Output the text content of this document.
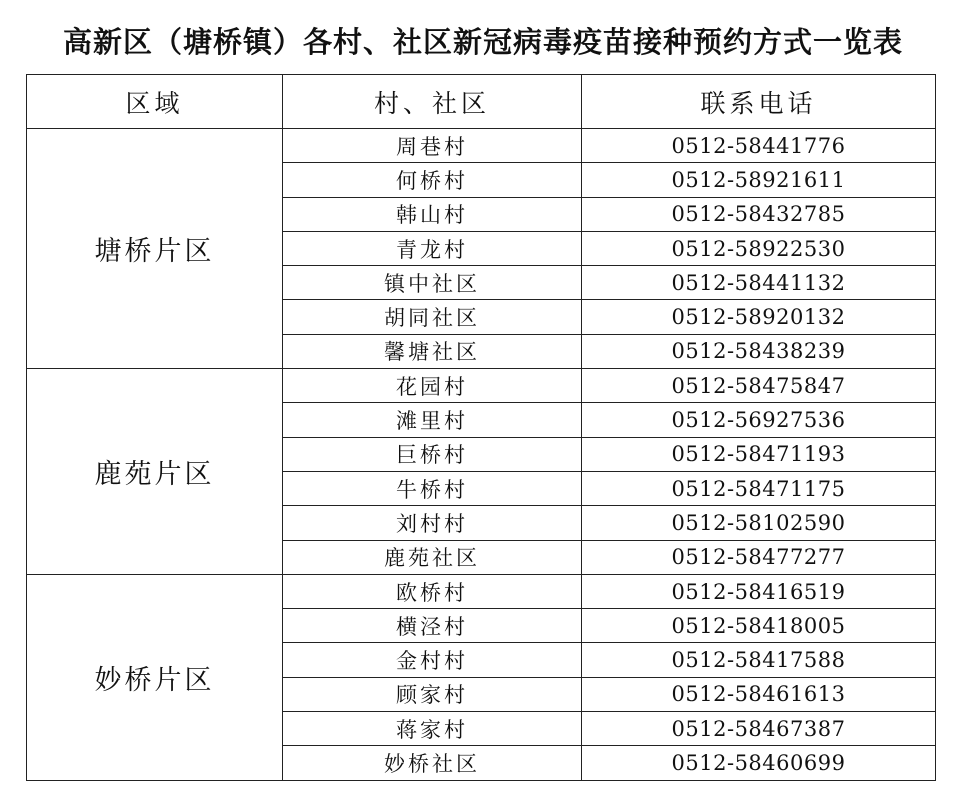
高新区（塘桥镇）各村、社区新冠病毒疫苗接种预约方式一览表
区域	村、社区	联系电话
塘桥片区	周巷村	0512-58441776
	何桥村	0512-58921611
	韩山村	0512-58432785
	青龙村	0512-58922530
	镇中社区	0512-58441132
	胡同社区	0512-58920132
	馨塘社区	0512-58438239
鹿苑片区	花园村	0512-58475847
	滩里村	0512-56927536
	巨桥村	0512-58471193
	牛桥村	0512-58471175
	刘村村	0512-58102590
	鹿苑社区	0512-58477277
妙桥片区	欧桥村	0512-58416519
	横泾村	0512-58418005
	金村村	0512-58417588
	顾家村	0512-58461613
	蒋家村	0512-58467387
	妙桥社区	0512-58460699
